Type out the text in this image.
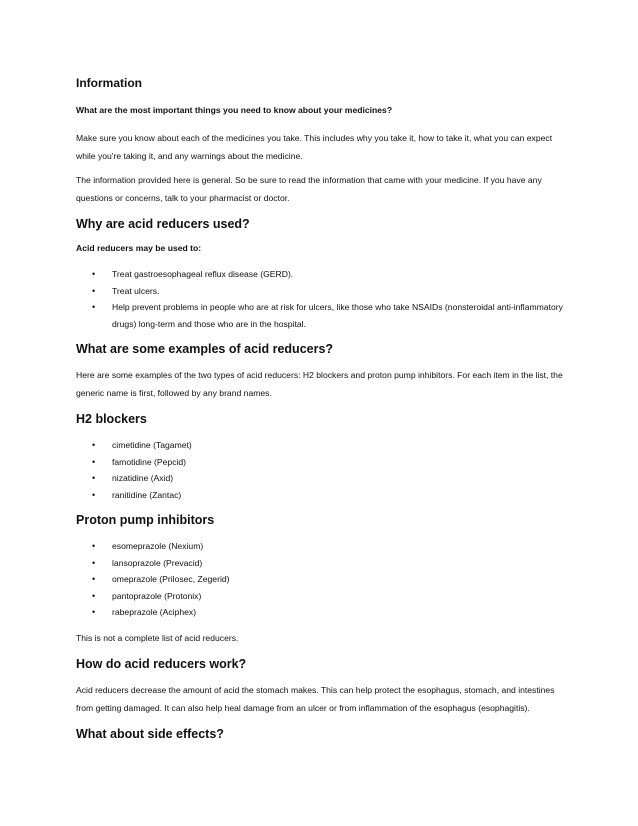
Information
What are the most important things you need to know about your medicines?

Make sure you know about each of the medicines you take. This includes why you take it, how to take it, what you can expect while you're taking it, and any warnings about the medicine.

The information provided here is general. So be sure to read the information that came with your medicine. If you have any questions or concerns, talk to your pharmacist or doctor.

Why are acid reducers used?
Acid reducers may be used to:
• Treat gastroesophageal reflux disease (GERD).
• Treat ulcers.
• Help prevent problems in people who are at risk for ulcers, like those who take NSAIDs (nonsteroidal anti-inflammatory drugs) long-term and those who are in the hospital.
What are some examples of acid reducers?

Here are some examples of the two types of acid reducers: H2 blockers and proton pump inhibitors. For each item in the list, the generic name is first, followed by any brand names.

H2 blockers
• cimetidine (Tagamet)
• famotidine (Pepcid)
• nizatidine (Axid)
• ranitidine (Zantac)
Proton pump inhibitors
• esomeprazole (Nexium)
• lansoprazole (Prevacid)
• omeprazole (Prilosec, Zegerid)
• pantoprazole (Protonix)
• rabeprazole (Aciphex)

This is not a complete list of acid reducers.

How do acid reducers work?

Acid reducers decrease the amount of acid the stomach makes. This can help protect the esophagus, stomach, and intestines from getting damaged. It can also help heal damage from an ulcer or from inflammation of the esophagus (esophagitis).

What about side effects?
